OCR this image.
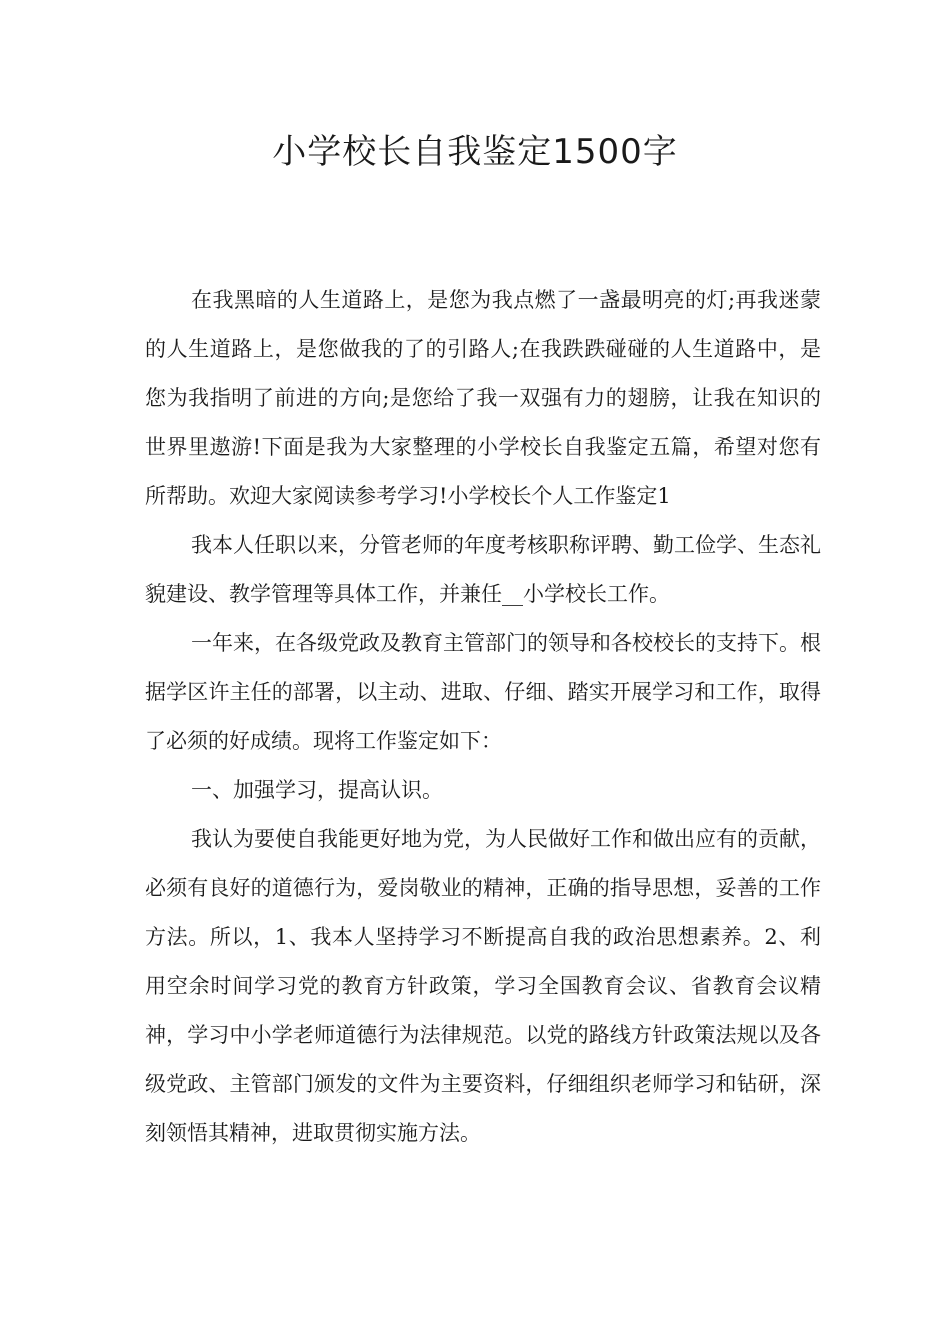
小学校长自我鉴定1500字

在我黑暗的人生道路上，是您为我点燃了一盏最明亮的灯;再我迷蒙的人生道路上，是您做我的了的引路人;在我跌跌碰碰的人生道路中，是您为我指明了前进的方向;是您给了我一双强有力的翅膀，让我在知识的世界里遨游!下面是我为大家整理的小学校长自我鉴定五篇，希望对您有所帮助。欢迎大家阅读参考学习!小学校长个人工作鉴定1

我本人任职以来，分管老师的年度考核职称评聘、勤工俭学、生态礼貌建设、教学管理等具体工作，并兼任__小学校长工作。

一年来，在各级党政及教育主管部门的领导和各校校长的支持下。根据学区许主任的部署，以主动、进取、仔细、踏实开展学习和工作，取得了必须的好成绩。现将工作鉴定如下：

一、加强学习，提高认识。

我认为要使自我能更好地为党，为人民做好工作和做出应有的贡献，必须有良好的道德行为，爱岗敬业的精神，正确的指导思想，妥善的工作方法。所以，1、我本人坚持学习不断提高自我的政治思想素养。2、利用空余时间学习党的教育方针政策，学习全国教育会议、省教育会议精神，学习中小学老师道德行为法律规范。以党的路线方针政策法规以及各级党政、主管部门颁发的文件为主要资料，仔细组织老师学习和钻研，深刻领悟其精神，进取贯彻实施方法。
